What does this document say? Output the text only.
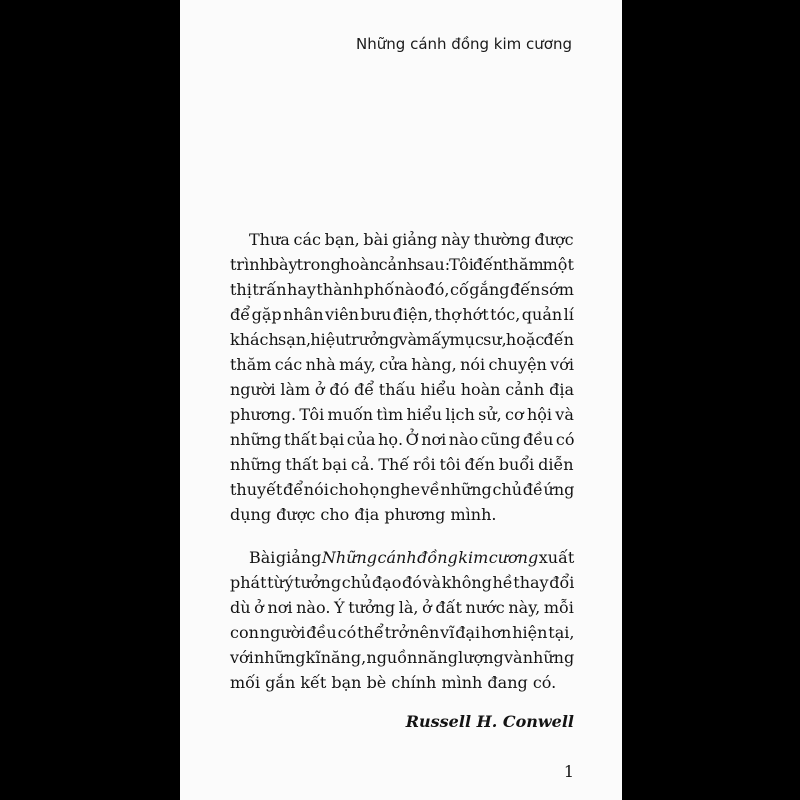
Những cánh đồng kim cương
Thưa các bạn, bài giảng này thường được
trình bày trong hoàn cảnh sau: Tôi đến thăm một
thị trấn hay thành phố nào đó, cố gắng đến sớm
để gặp nhân viên bưu điện, thợ hớt tóc, quản lí
khách sạn, hiệu trưởng và mấy mục sư, hoặc đến
thăm các nhà máy, cửa hàng, nói chuyện với
người làm ở đó để thấu hiểu hoàn cảnh địa
phương. Tôi muốn tìm hiểu lịch sử, cơ hội và
những thất bại của họ. Ở nơi nào cũng đều có
những thất bại cả. Thế rồi tôi đến buổi diễn
thuyết để nói cho họ nghe về những chủ đề ứng
dụng được cho địa phương mình.
Bài giảng Những cánh đồng kim cương xuất
phát từ ý tưởng chủ đạo đó và không hề thay đổi
dù ở nơi nào. Ý tưởng là, ở đất nước này, mỗi
con người đều có thể trở nên vĩ đại hơn hiện tại,
với những kĩ năng, nguồn năng lượng và những
mối gắn kết bạn bè chính mình đang có.
Russell H. Conwell
1
